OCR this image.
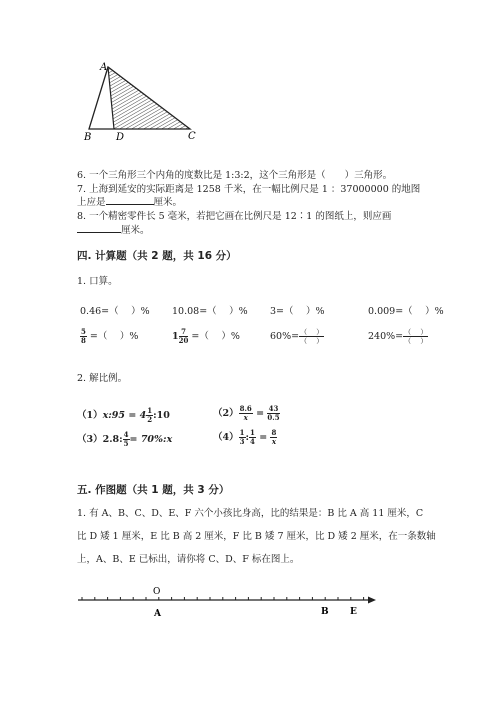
A
B D	C
6. 一个三角形三个内角的度数比是 1:3:2，这个三角形是（　　）三角形。
7. 上海到延安的实际距离是 1258 千米，在一幅比例尺是 1 ：37000000 的地图
上应是	厘米。
8. 一个精密零件长 5 毫米，若把它画在比例尺是 12∶1 的图纸上，则应画
厘米。
四. 计算题（共 2 题，共 16 分）
1. 口算。
0.46=（　 ）% 10.08=（　 ）% 3=（　 ）%	0.009=（　 ）%
$\frac{5}{8}$ =（　 ）%	$1 \frac{7}{20}$ =（　 ）%	$60\%= \frac{( )}{( )}$	$240\%= \frac{( )}{( )}$
2. 解比例。
（1）x:95 = $4 \frac{1}{2}$ :10	$(2) \frac{8.6}{x} = \frac{43}{0.5}$
（3）2.8: $\frac{4}{5}$ = 70%:x	$(4) \frac{1}{3}$ : $\frac{1}{4} = \frac{8}{x}$
五. 作图题（共 1 题，共 3 分）
1. 有 A、B、C、D、E、F 六个小孩比身高，比的结果是：B 比 A 高 11 厘米，C
比 D 矮 1 厘米，E 比 B 高 2 厘米，F 比 B 矮 7 厘米，比 D 矮 2 厘米，在一条数轴
上，A、B、E 已标出，请你将 C、D、F 标在图上。
O
A	B E
